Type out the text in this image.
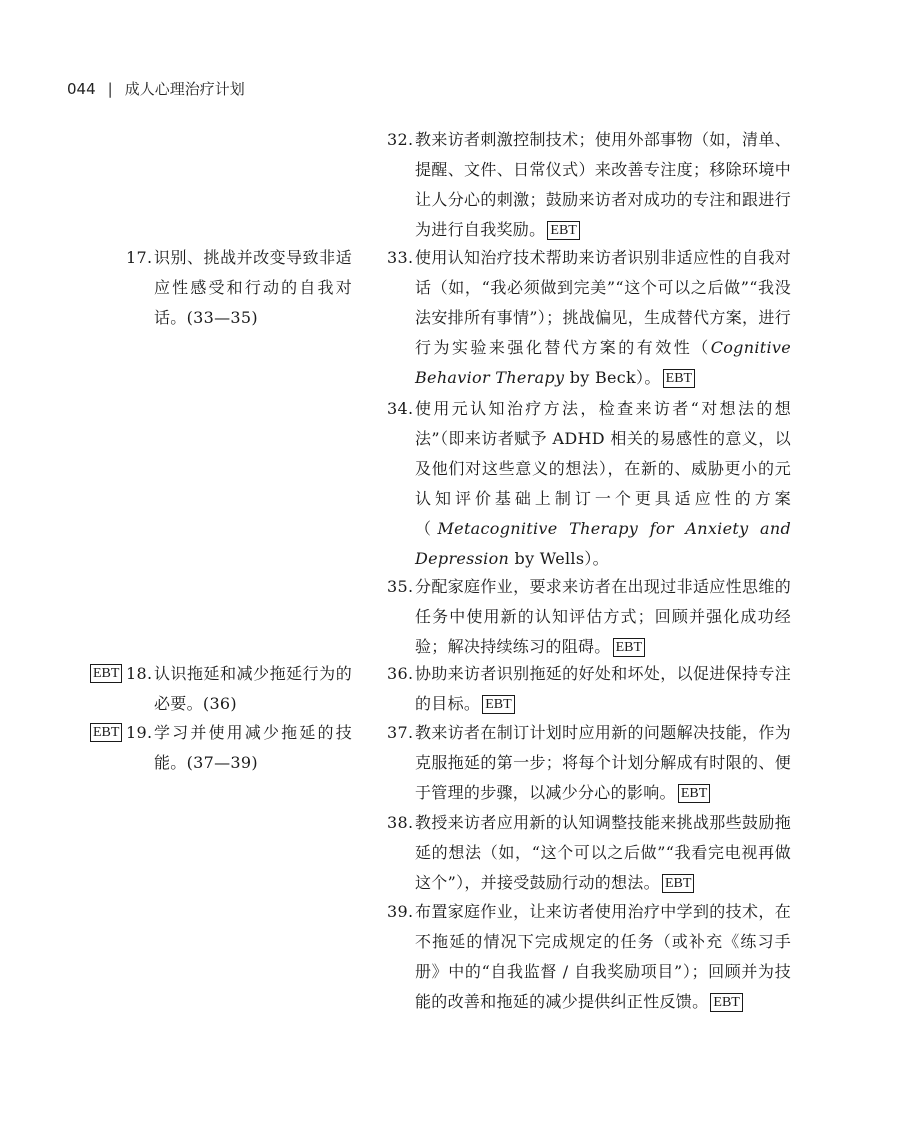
044 | 成人心理治疗计划
17. 识别、挑战并改变导致非适应性感受和行动的自我对话。(33—35)
EBT 18. 认识拖延和减少拖延行为的必要。(36)
EBT 19. 学习并使用减少拖延的技能。(37—39)
32. 教来访者刺激控制技术；使用外部事物（如，清单、提醒、文件、日常仪式）来改善专注度；移除环境中让人分心的刺激；鼓励来访者对成功的专注和跟进行为进行自我奖励。 EBT
33. 使用认知治疗技术帮助来访者识别非适应性的自我对话（如，“我必须做到完美”“这个可以之后做”“我没法安排所有事情”）；挑战偏见，生成替代方案，进行行为实验来强化替代方案的有效性（Cognitive Behavior Therapy by Beck）。 EBT
34. 使用元认知治疗方法，检查来访者“对想法的想法”（即来访者赋予 ADHD 相关的易感性的意义，以及他们对这些意义的想法），在新的、威胁更小的元认知评价基础上制订一个更具适应性的方案（Metacognitive Therapy for Anxiety and Depression by Wells）。
35. 分配家庭作业，要求来访者在出现过非适应性思维的任务中使用新的认知评估方式；回顾并强化成功经验；解决持续练习的阻碍。 EBT
36. 协助来访者识别拖延的好处和坏处，以促进保持专注的目标。 EBT
37. 教来访者在制订计划时应用新的问题解决技能，作为克服拖延的第一步；将每个计划分解成有时限的、便于管理的步骤，以减少分心的影响。 EBT
38. 教授来访者应用新的认知调整技能来挑战那些鼓励拖延的想法（如，“这个可以之后做”“我看完电视再做这个”），并接受鼓励行动的想法。 EBT
39. 布置家庭作业，让来访者使用治疗中学到的技术，在不拖延的情况下完成规定的任务（或补充《练习手册》中的“自我监督 / 自我奖励项目”）；回顾并为技能的改善和拖延的减少提供纠正性反馈。 EBT
